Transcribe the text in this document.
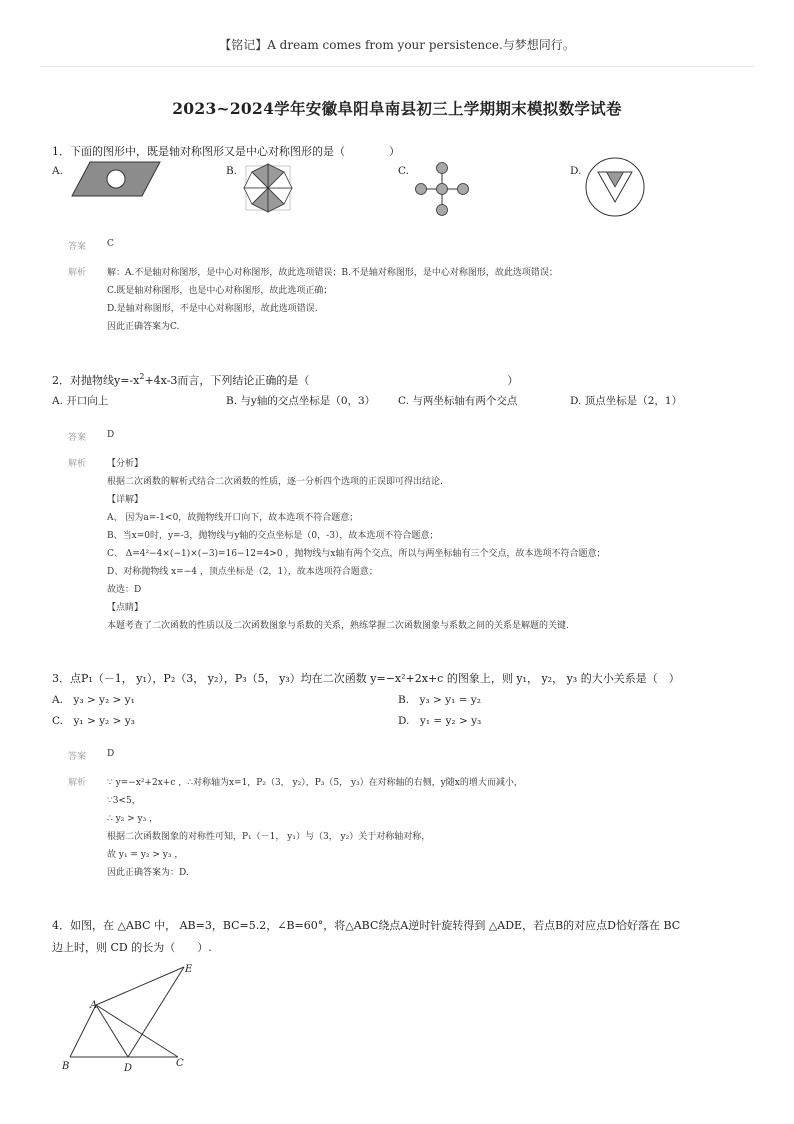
【铭记】A dream comes from your persistence.与梦想同行。
2023~2024学年安徽阜阳阜南县初三上学期期末模拟数学试卷
1．下面的图形中，既是轴对称图形又是中心对称图形的是（　　　　）
A.	B.	C.	D.
答案 C
解析 解：A.不是轴对称图形，是中心对称图形，故此选项错误；B.不是轴对称图形，是中心对称图形，故此选项错误；
C.既是轴对称图形，也是中心对称图形，故此选项正确；
D.是轴对称图形，不是中心对称图形，故此选项错误.
因此正确答案为C.
2．对抛物线$y=-x^2+4x-3$而言，下列结论正确的是（　　　　　　　　　　　　　　　　　　）
A. 开口向上	B. 与y轴的交点坐标是（0，3） C. 与两坐标轴有两个交点	D. 顶点坐标是（2，1）
答案 D
解析 【分析】
根据二次函数的解析式结合二次函数的性质，逐一分析四个选项的正误即可得出结论.
【详解】
A、 因为a=-1<0，故抛物线开口向下，故本选项不符合题意；
B、当x=0时，y=-3，抛物线与y轴的交点坐标是（0，-3），故本选项不符合题意；
C、 Δ=4²−4×(−1)×(−3)=16−12=4>0 ，抛物线与x轴有两个交点，所以与两坐标轴有三个交点，故本选项不符合题意；
D、对称抛物线 x=−4 ，顶点坐标是（2，1），故本选项符合题意；
故选：D
【点睛】
本题考查了二次函数的性质以及二次函数图象与系数的关系，熟练掌握二次函数图象与系数之间的关系是解题的关键.
3．点P₁（－1， y₁），P₂（3， y₂），P₃（5， y₃）均在二次函数 y=−x²+2x+c 的图象上，则 y₁， y₂， y₃ 的大小关系是（　）
A.　y₃ > y₂ > y₁	B.　y₃ > y₁ = y₂
C.　y₁ > y₂ > y₃	D.　y₁ = y₂ > y₃
答案 D
解析 ∵ y=−x²+2x+c ，∴对称轴为x=1，P₂（3， y₂），P₃（5， y₃）在对称轴的右侧，y随x的增大而减小，
∵3<5，
∴ y₂ > y₃ ，
根据二次函数图象的对称性可知，P₁（－1， y₁）与（3， y₂）关于对称轴对称，
故 y₁ = y₂ > y₃ ，
因此正确答案为：D.
4．如图，在 △ABC 中， AB=3，BC=5.2，∠B=60°，将△ABC绕点A逆时针旋转得到 △ADE，若点B的对应点D恰好落在 BC
边上时，则 CD 的长为（　　）.
A
B	C
D
E
